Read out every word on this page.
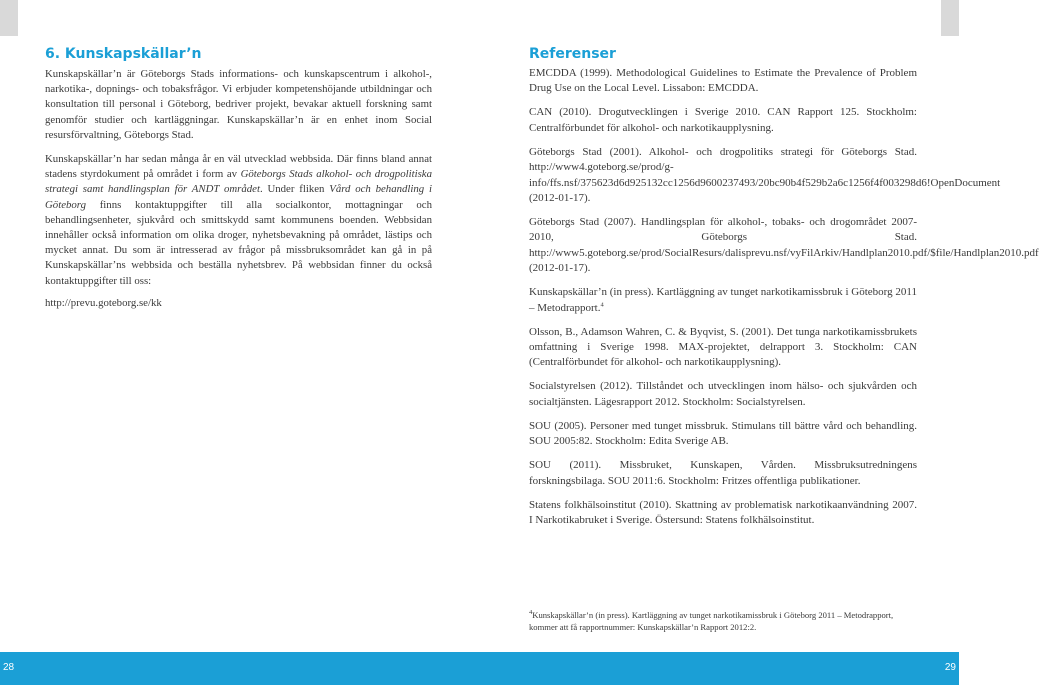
6. Kunskapskällar’n

Kunskapskällar’n är Göteborgs Stads informations- och kunskapscentrum i alkohol-, narkotika-, dopnings- och tobaksfrågor. Vi erbjuder kompetenshöjande utbildningar och konsultation till personal i Göteborg, bedriver projekt, bevakar aktuell forskning samt genomför studier och kartläggningar. Kunskapskällar’n är en enhet inom Social resursförvaltning, Göteborgs Stad.

Kunskapskällar’n har sedan många år en väl utvecklad webbsida. Där finns bland annat stadens styrdokument på området i form av Göteborgs Stads alkohol- och drogpolitiska strategi samt handlingsplan för ANDT området. Under fliken Vård och behandling i Göteborg finns kontaktuppgifter till alla socialkontor, mottagningar och behandlingsenheter, sjukvård och smittskydd samt kommunens boenden. Webbsidan innehåller också information om olika droger, nyhetsbevakning på området, lästips och mycket annat. Du som är intresserad av frågor på missbruksområdet kan gå in på Kunskapskällar’ns webbsida och beställa nyhetsbrev. På webbsidan finner du också kontaktuppgifter till oss:

http://prevu.goteborg.se/kk

Referenser
EMCDDA (1999). Methodological Guidelines to Estimate the Prevalence of Problem Drug Use on the Local Level. Lissabon: EMCDDA.
CAN (2010). Drogutvecklingen i Sverige 2010. CAN Rapport 125. Stockholm: Centralförbundet för alkohol- och narkotikaupplysning.
Göteborgs Stad (2001). Alkohol- och drogpolitiks strategi för Göteborgs Stad. http://www4.goteborg.se/prod/g-info/ffs.nsf/375623d6d925132cc1256d9600237493/20bc90b4f529b2a6c1256f4f003298d6!OpenDocument (2012-01-17).
Göteborgs Stad (2007). Handlingsplan för alkohol-, tobaks- och drogområdet 2007-2010, Göteborgs Stad. http://www5.goteborg.se/prod/SocialResurs/dalisprevu.nsf/vyFilArkiv/Handlplan2010.pdf/$file/Handlplan2010.pdf (2012-01-17).
Kunskapskällar’n (in press). Kartläggning av tunget narkotikamissbruk i Göteborg 2011 – Metodrapport.$^4$
Olsson, B., Adamson Wahren, C. & Byqvist, S. (2001). Det tunga narkotikamissbrukets omfattning i Sverige 1998. MAX-projektet, delrapport 3. Stockholm: CAN (Centralförbundet för alkohol- och narkotikaupplysning).
Socialstyrelsen (2012). Tillståndet och utvecklingen inom hälso- och sjukvården och socialtjänsten. Lägesrapport 2012. Stockholm: Socialstyrelsen.
SOU (2005). Personer med tunget missbruk. Stimulans till bättre vård och behandling. SOU 2005:82. Stockholm: Edita Sverige AB.
SOU (2011). Missbruket, Kunskapen, Vården. Missbruksutredningens forskningsbilaga. SOU 2011:6. Stockholm: Fritzes offentliga publikationer.
Statens folkhälsoinstitut (2010). Skattning av problematisk narkotikaanvändning 2007. I Narkotikabruket i Sverige. Östersund: Statens folkhälsoinstitut.
$^4$Kunskapskällar’n (in press). Kartläggning av tunget narkotikamissbruk i Göteborg 2011 – Metodrapport, kommer att få rapportnummer: Kunskapskällar’n Rapport 2012:2.
28	29
